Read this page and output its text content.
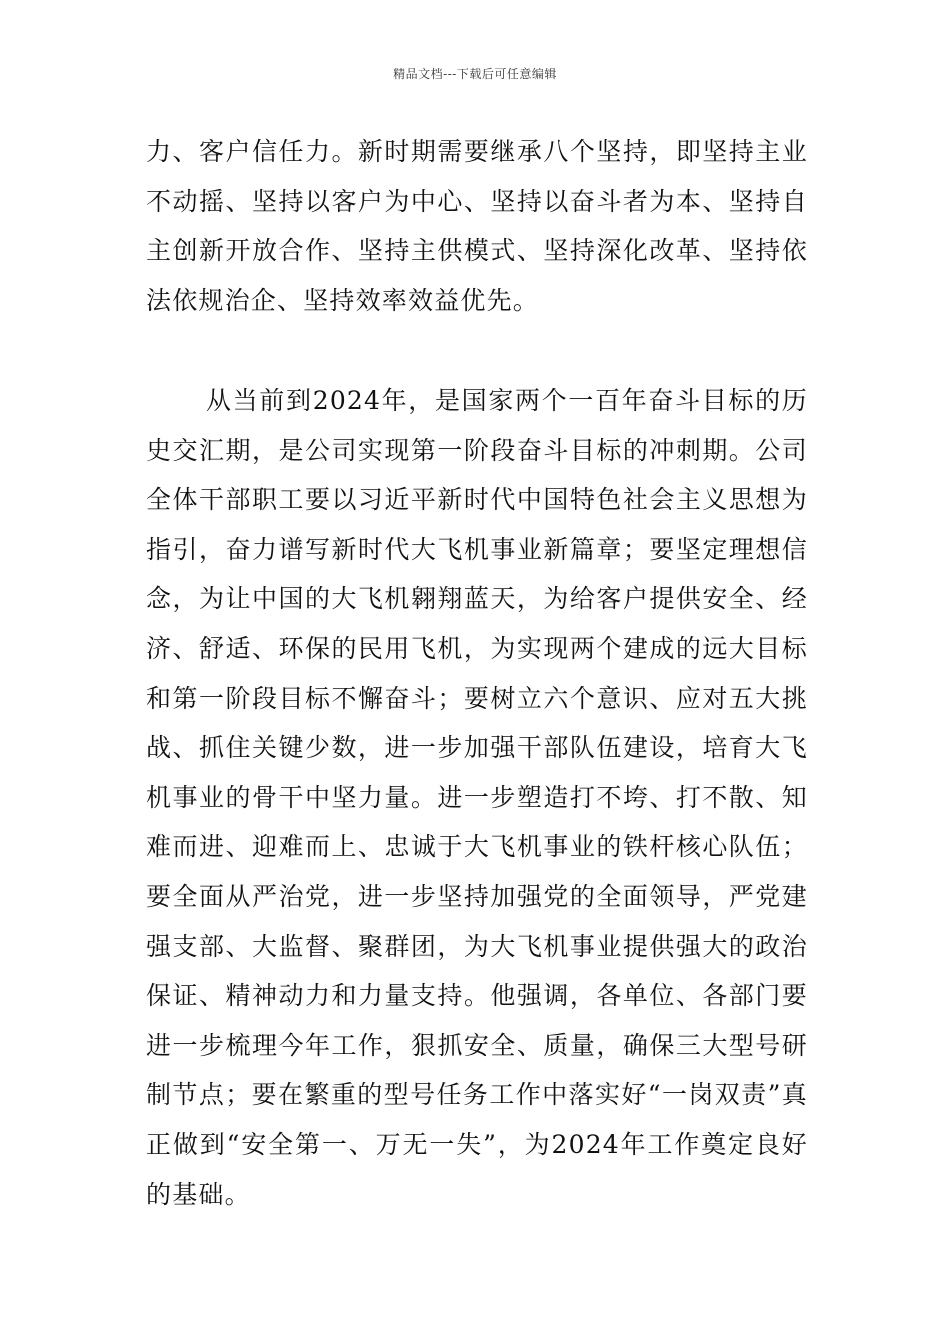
精品文档---下载后可任意编辑

力、客户信任力。新时期需要继承八个坚持，即坚持主业不动摇、坚持以客户为中心、坚持以奋斗者为本、坚持自主创新开放合作、坚持主供模式、坚持深化改革、坚持依法依规治企、坚持效率效益优先。

从当前到2024年，是国家两个一百年奋斗目标的历史交汇期，是公司实现第一阶段奋斗目标的冲刺期。公司全体干部职工要以习近平新时代中国特色社会主义思想为指引，奋力谱写新时代大飞机事业新篇章；要坚定理想信念，为让中国的大飞机翱翔蓝天，为给客户提供安全、经济、舒适、环保的民用飞机，为实现两个建成的远大目标和第一阶段目标不懈奋斗；要树立六个意识、应对五大挑战、抓住关键少数，进一步加强干部队伍建设，培育大飞机事业的骨干中坚力量。进一步塑造打不垮、打不散、知难而进、迎难而上、忠诚于大飞机事业的铁杆核心队伍；要全面从严治党，进一步坚持加强党的全面领导，严党建强支部、大监督、聚群团，为大飞机事业提供强大的政治保证、精神动力和力量支持。他强调，各单位、各部门要进一步梳理今年工作，狠抓安全、质量，确保三大型号研制节点；要在繁重的型号任务工作中落实好“一岗双责”真正做到“安全第一、万无一失”，为2024年工作奠定良好的基础。
